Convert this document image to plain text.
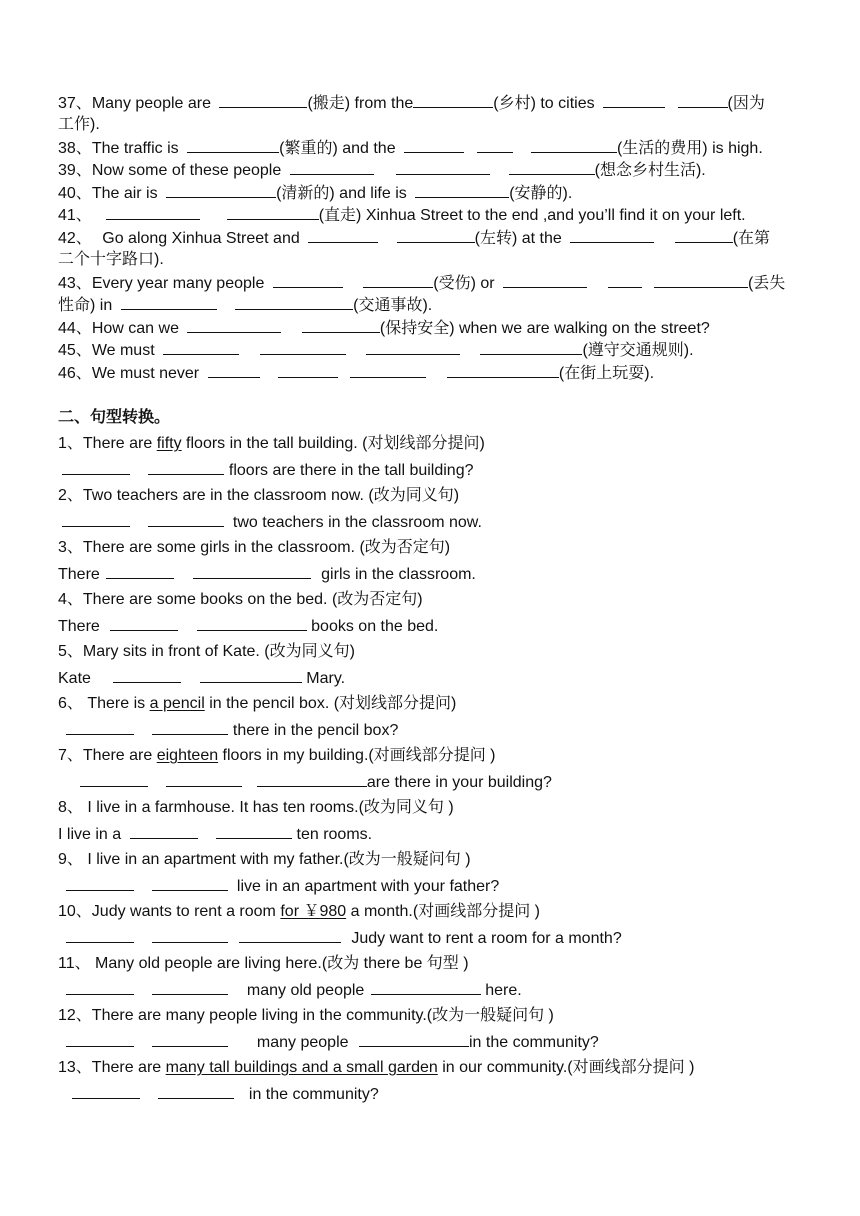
37、Many people are	(搬走) from the	(乡村) to cities	(因为
工作).
38、The traffic is	(繁重的) and the	(生活的费用) is high.
39、Now some of these people	(想念乡村生活).
40、The air is	(清新的) and life is	(安静的).
41、	(直走) Xinhua Street to the end ,and you’ll find it on your left.
42、 Go along Xinhua Street and	(左转) at the	(在第
二个十字路口).
43、Every year many people	(受伤) or	(丢失
性命) in	(交通事故).
44、How can we	(保持安全) when we are walking on the street?
45、We must	(遵守交通规则).
46、We must never	(在街上玩耍).
二、句型转换。
1、There are fifty floors in the tall building. (对划线部分提问)
floors are there in the tall building?
2、Two teachers are in the classroom now. (改为同义句)
two teachers in the classroom now.
3、There are some girls in the classroom. (改为否定句)
There	girls in the classroom.
4、There are some books on the bed. (改为否定句)
There	books on the bed.
5、Mary sits in front of Kate. (改为同义句)
Kate	Mary.
6、 There is a pencil in the pencil box. (对划线部分提问)
there in the pencil box?
7、There are eighteen floors in my building.(对画线部分提问 )
are there in your building?
8、 I live in a farmhouse. It has ten rooms.(改为同义句 )
I live in a	ten rooms.
9、 I live in an apartment with my father.(改为一般疑问句 )
live in an apartment with your father?
10、Judy wants to rent a room for ￥980 a month.(对画线部分提问 )
Judy want to rent a room for a month?
11、 Many old people are living here.(改为 there be 句型 )
many old people	here.
12、There are many people living in the community.(改为一般疑问句 )
many people	in the community?
13、There are many tall buildings and a small garden in our community.(对画线部分提问 )
in the community?
